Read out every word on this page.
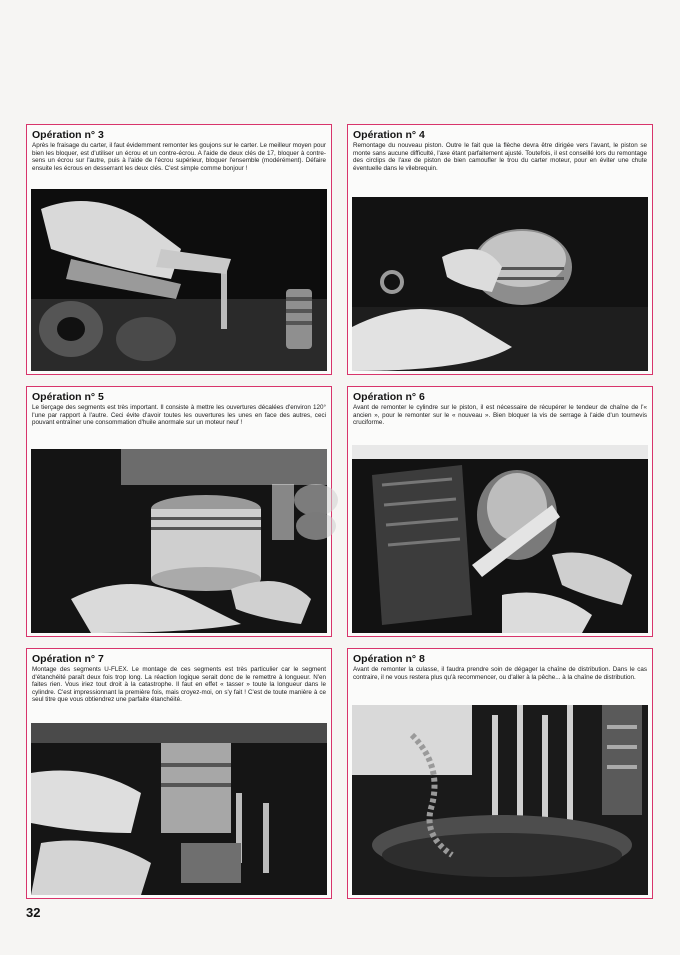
Opération n° 3

Après le fraisage du carter, il faut évidemment remonter les goujons sur le carter. Le meilleur moyen pour bien les bloquer, est d'utiliser un écrou et un contre-écrou. A l'aide de deux clés de 17, bloquer à contre-sens un écrou sur l'autre, puis à l'aide de l'écrou supérieur, bloquer l'ensemble (modérément). Défaire ensuite les écrous en desserrant les deux clés. C'est simple comme bonjour !

Opération n° 4

Remontage du nouveau piston. Outre le fait que la flèche devra être dirigée vers l'avant, le piston se monte sans aucune difficulté, l'axe étant parfaitement ajusté. Toutefois, il est conseillé lors du remontage des circlips de l'axe de piston de bien camoufler le trou du carter moteur, pour en éviter une chute éventuelle dans le vilebrequin.

Opération n° 5

Le tierçage des segments est très important. Il consiste à mettre les ouvertures décalées d'environ 120° l'une par rapport à l'autre. Ceci évite d'avoir toutes les ouvertures les unes en face des autres, ceci pouvant entraîner une consommation d'huile anormale sur un moteur neuf !

Opération n° 6

Avant de remonter le cylindre sur le piston, il est nécessaire de récupérer le tendeur de chaîne de l'« ancien », pour le remonter sur le « nouveau ». Bien bloquer la vis de serrage à l'aide d'un tournevis cruciforme.

Opération n° 7

Montage des segments U-FLEX. Le montage de ces segments est très particulier car le segment d'étanchéité paraît deux fois trop long. La réaction logique serait donc de le remettre à longueur. N'en faites rien. Vous iriez tout droit à la catastrophe. Il faut en effet « tasser » toute la longueur dans le cylindre. C'est impressionnant la première fois, mais croyez-moi, on s'y fait ! C'est de toute manière à ce seul titre que vous obtiendrez une parfaite étanchéité.

Opération n° 8

Avant de remonter la culasse, il faudra prendre soin de dégager la chaîne de distribution. Dans le cas contraire, il ne vous restera plus qu'à recommencer, ou d'aller à la pêche... à la chaîne de distribution.

32
